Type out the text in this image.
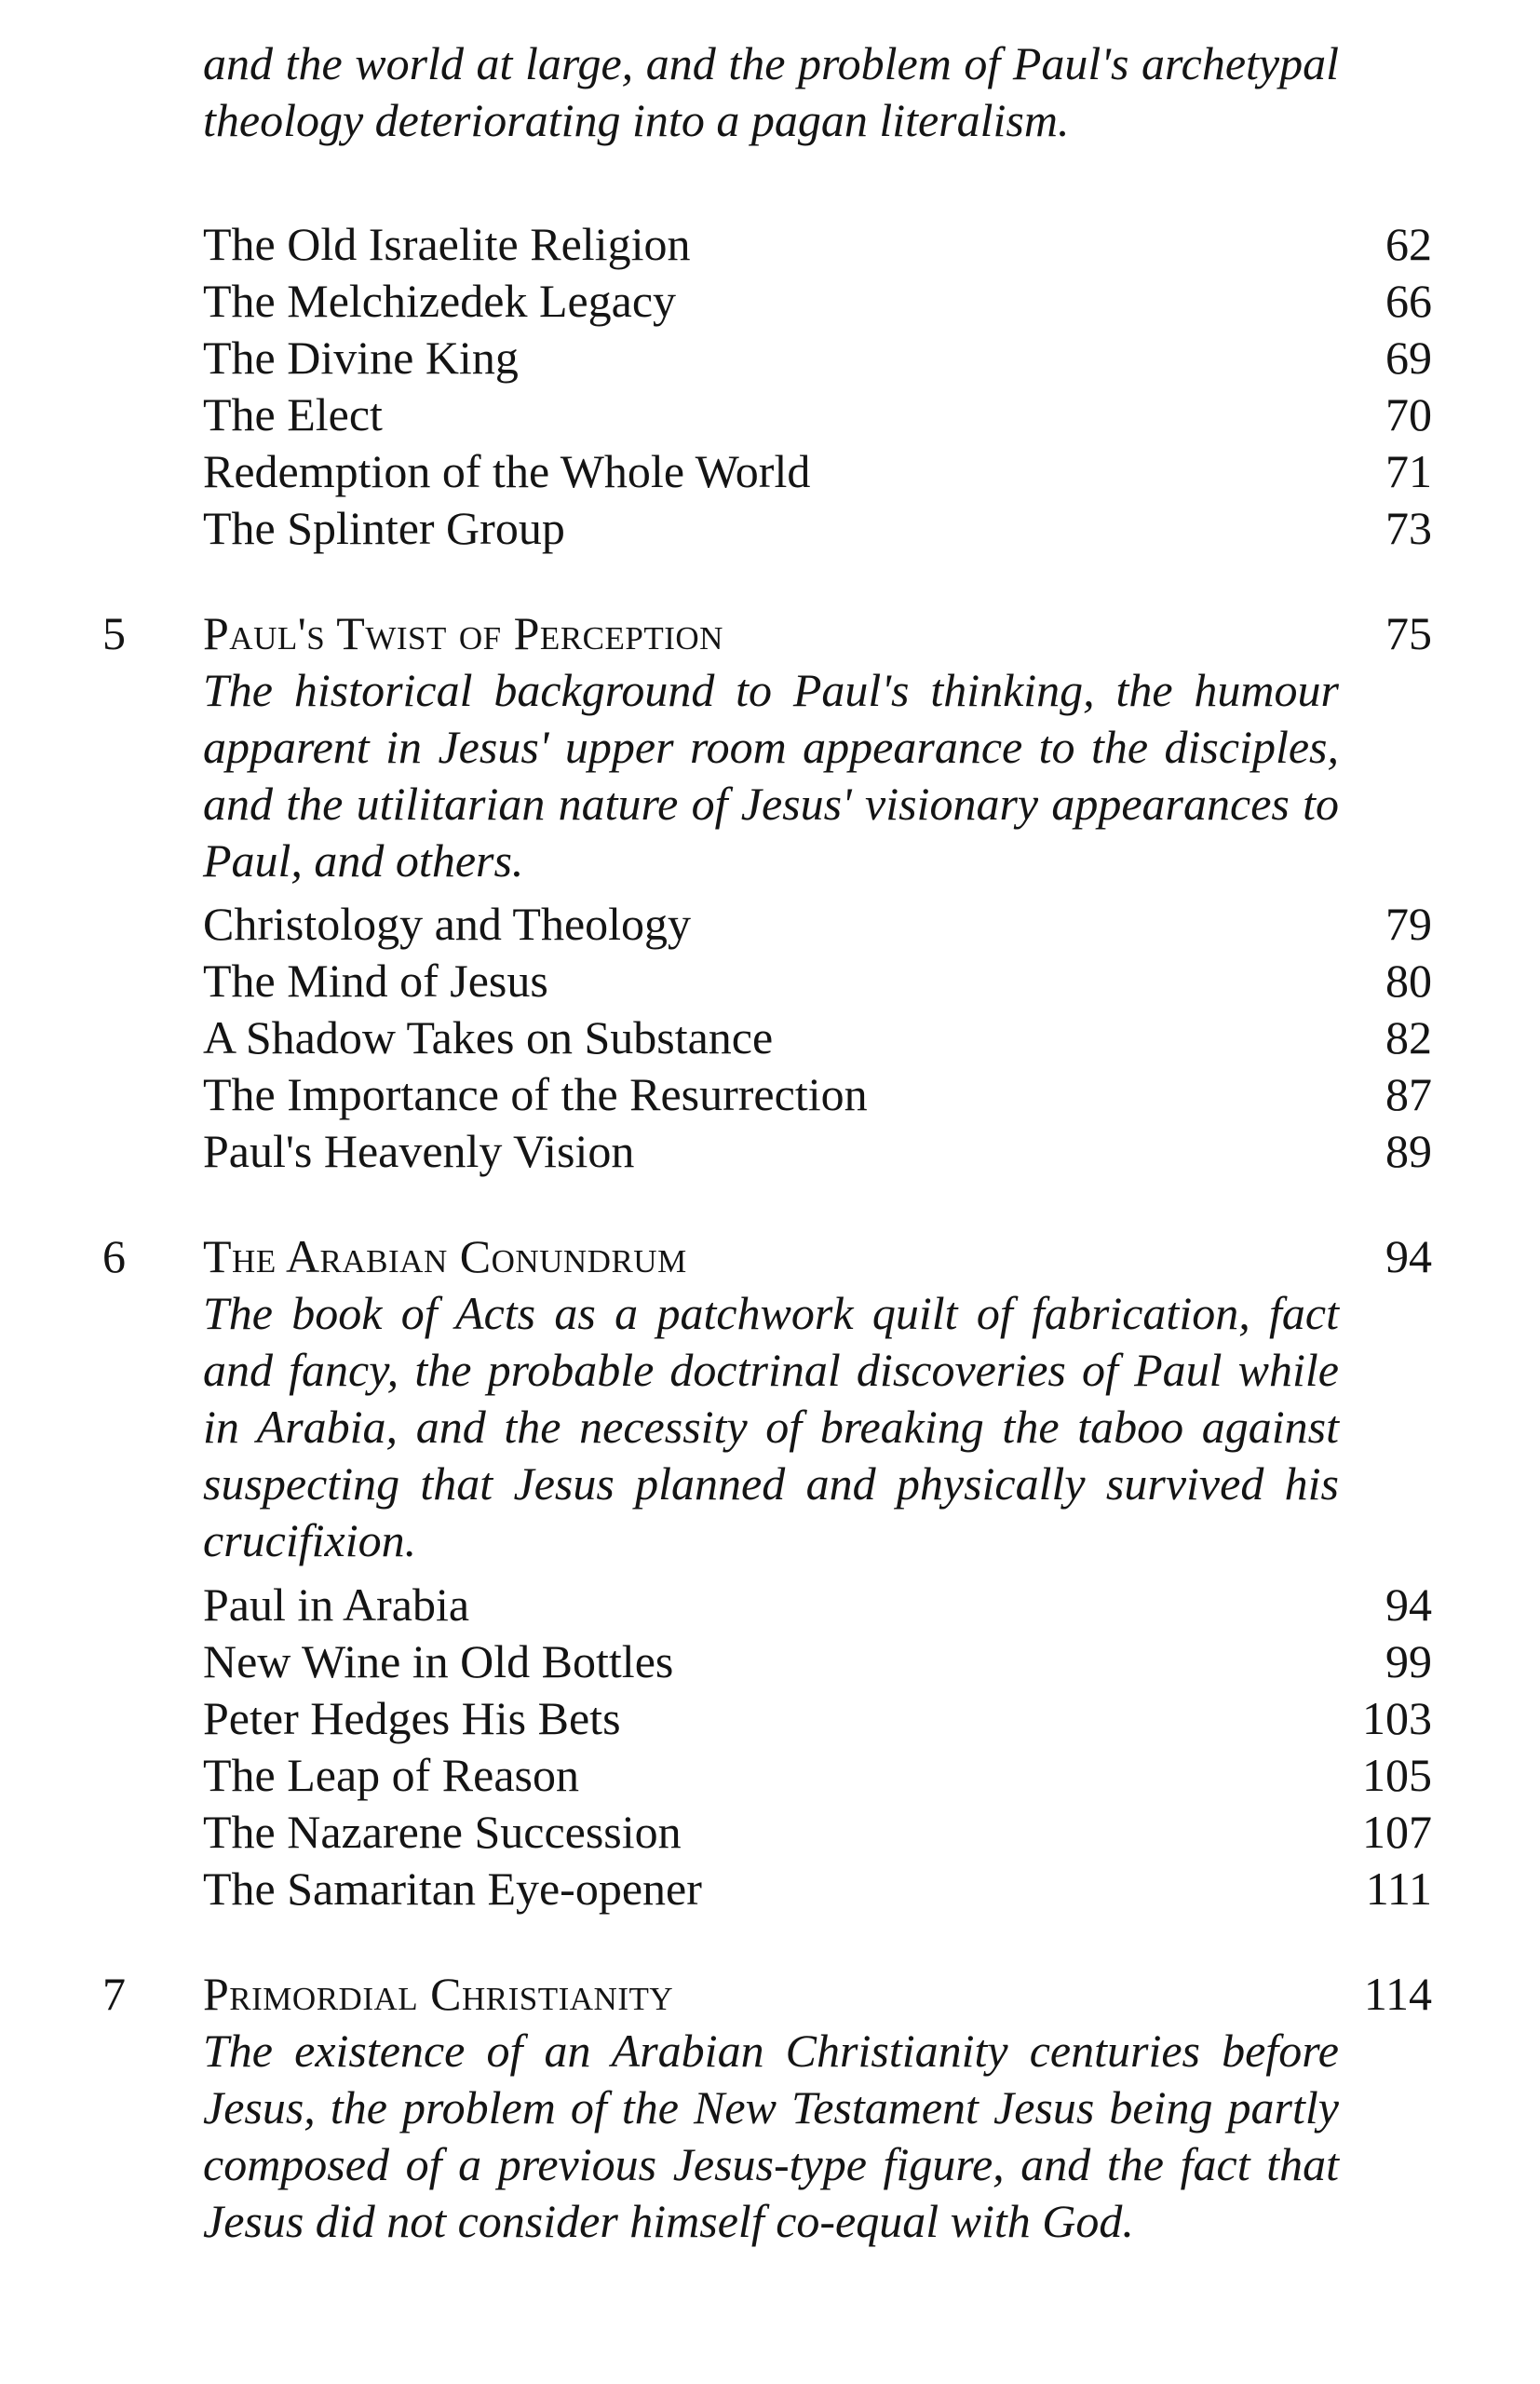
and the world at large, and the problem of Paul's archetypal theology deteriorating into a pagan literalism.
The Old Israelite Religion	62
The Melchizedek Legacy	66
The Divine King	69
The Elect	70
Redemption of the Whole World	71
The Splinter Group	73
5 Paul's Twist of Perception	75
The historical background to Paul's thinking, the humour apparent in Jesus' upper room appearance to the disciples, and the utilitarian nature of Jesus' visionary appearances to Paul, and others.
Christology and Theology	79
The Mind of Jesus	80
A Shadow Takes on Substance	82
The Importance of the Resurrection	87
Paul's Heavenly Vision	89
6 The Arabian Conundrum	94
The book of Acts as a patchwork quilt of fabrication, fact and fancy, the probable doctrinal discoveries of Paul while in Arabia, and the necessity of breaking the taboo against suspecting that Jesus planned and physically survived his crucifixion.
Paul in Arabia	94
New Wine in Old Bottles	99
Peter Hedges His Bets	103
The Leap of Reason	105
The Nazarene Succession	107
The Samaritan Eye-opener	111
7 Primordial Christianity	114
The existence of an Arabian Christianity centuries before Jesus, the problem of the New Testament Jesus being partly composed of a previous Jesus-type figure, and the fact that Jesus did not consider himself co-equal with God.
